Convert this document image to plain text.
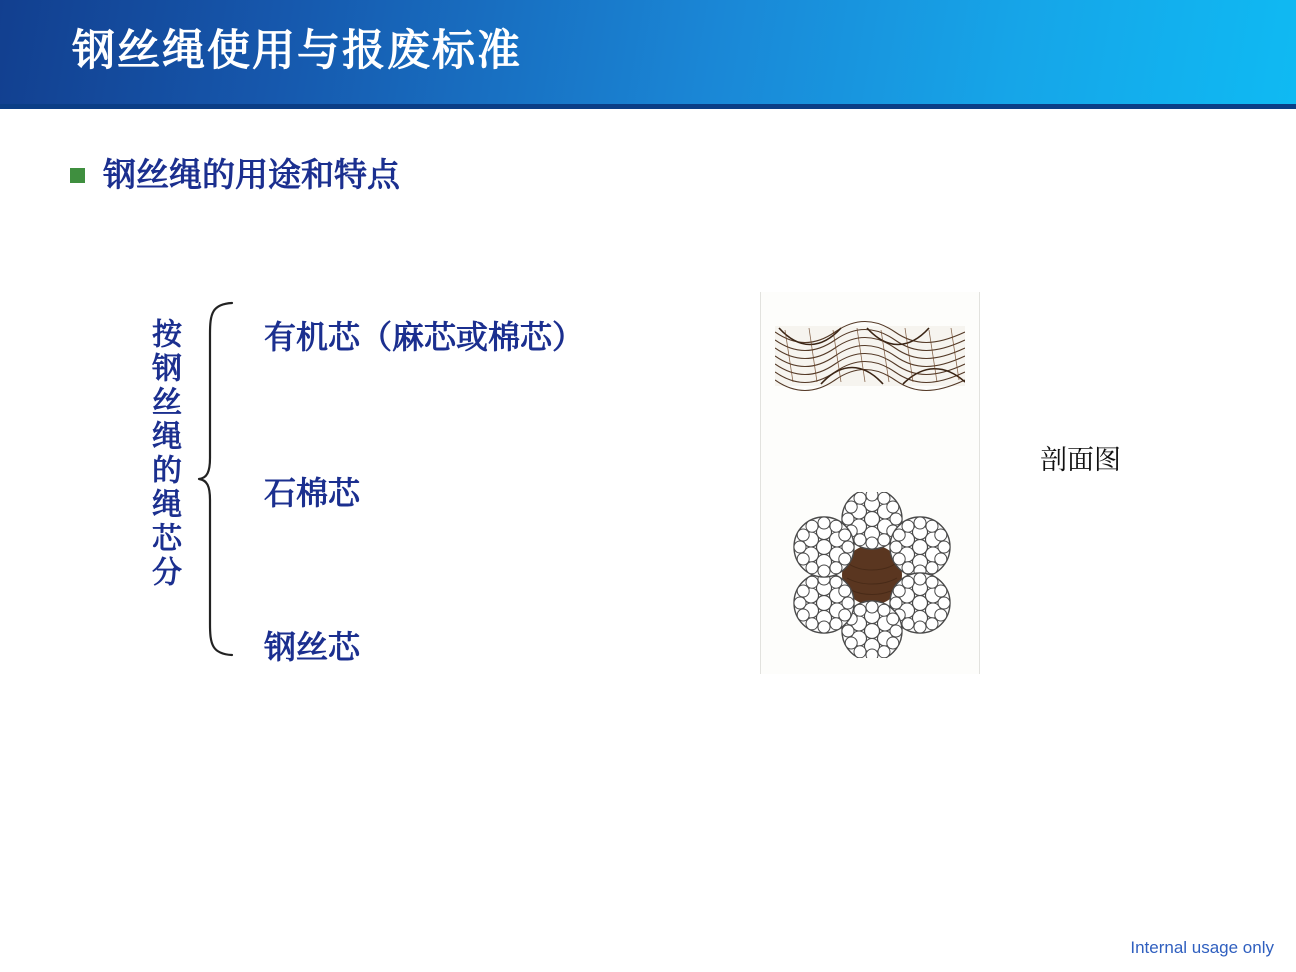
钢丝绳使用与报废标准
钢丝绳的用途和特点
按钢丝绳的绳芯分	有机芯（麻芯或棉芯）
石棉芯
钢丝芯
剖面图
Internal usage only
